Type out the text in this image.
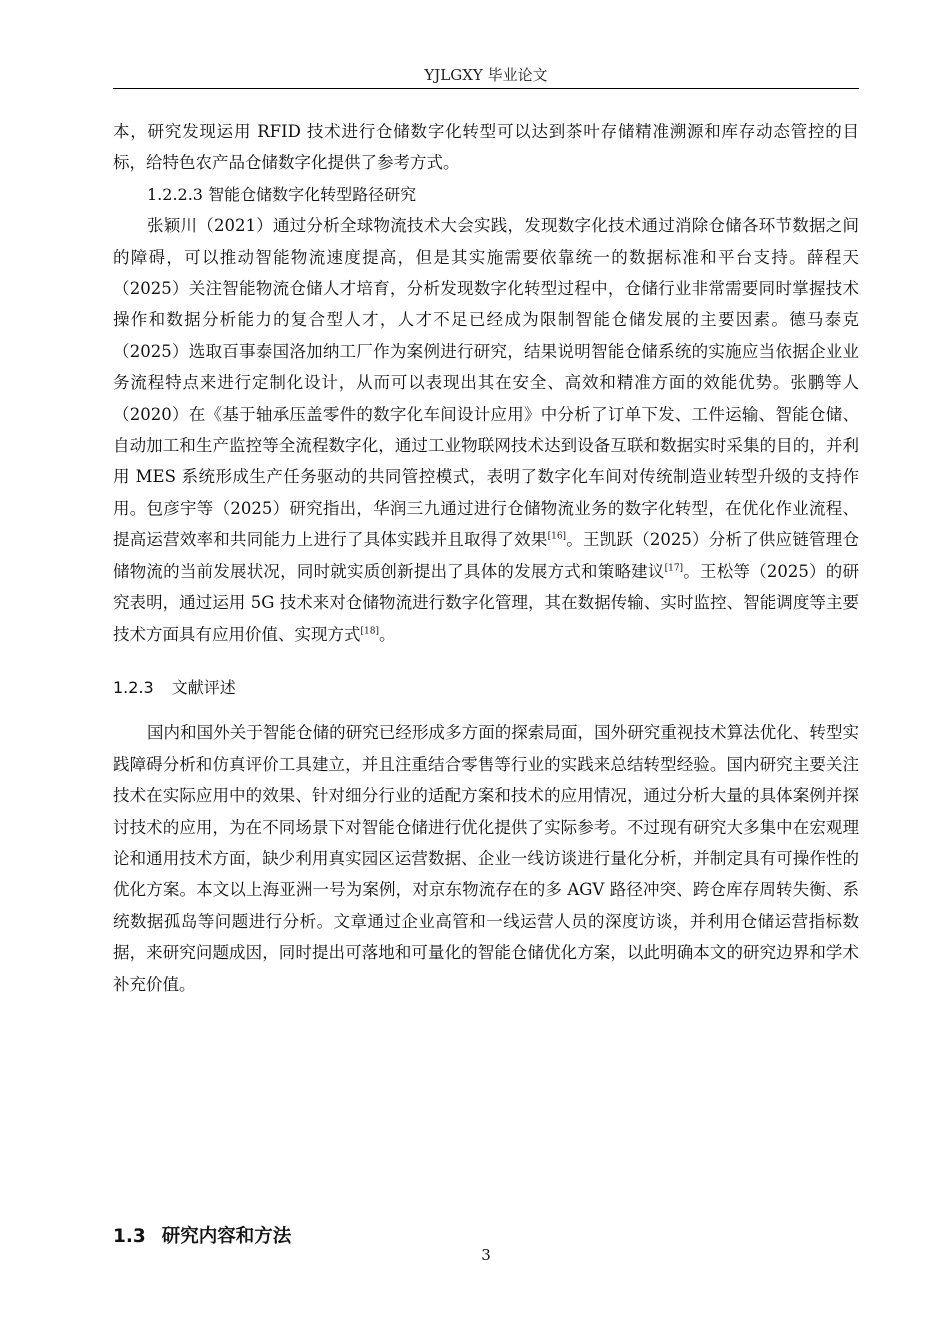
YJLGXY 毕业论文

本，研究发现运用 RFID 技术进行仓储数字化转型可以达到茶叶存储精准溯源和库存动态管控的目标，给特色农产品仓储数字化提供了参考方式。

1.2.2.3 智能仓储数字化转型路径研究

张颖川（2021）通过分析全球物流技术大会实践，发现数字化技术通过消除仓储各环节数据之间的障碍，可以推动智能物流速度提高，但是其实施需要依靠统一的数据标准和平台支持。薛程天（2025）关注智能物流仓储人才培育，分析发现数字化转型过程中，仓储行业非常需要同时掌握技术操作和数据分析能力的复合型人才，人才不足已经成为限制智能仓储发展的主要因素。德马泰克（2025）选取百事泰国洛加纳工厂作为案例进行研究，结果说明智能仓储系统的实施应当依据企业业务流程特点来进行定制化设计，从而可以表现出其在安全、高效和精准方面的效能优势。张鹏等人（2020）在《基于轴承压盖零件的数字化车间设计应用》中分析了订单下发、工件运输、智能仓储、自动加工和生产监控等全流程数字化，通过工业物联网技术达到设备互联和数据实时采集的目的，并利用 MES 系统形成生产任务驱动的共同管控模式，表明了数字化车间对传统制造业转型升级的支持作用。包彦宇等（2025）研究指出，华润三九通过进行仓储物流业务的数字化转型，在优化作业流程、提高运营效率和共同能力上进行了具体实践并且取得了效果[16]。王凯跃（2025）分析了供应链管理仓储物流的当前发展状况，同时就实质创新提出了具体的发展方式和策略建议[17]。王松等（2025）的研究表明，通过运用 5G 技术来对仓储物流进行数字化管理，其在数据传输、实时监控、智能调度等主要技术方面具有应用价值、实现方式[18]。

1.2.3 文献评述

国内和国外关于智能仓储的研究已经形成多方面的探索局面，国外研究重视技术算法优化、转型实践障碍分析和仿真评价工具建立，并且注重结合零售等行业的实践来总结转型经验。国内研究主要关注技术在实际应用中的效果、针对细分行业的适配方案和技术的应用情况，通过分析大量的具体案例并探讨技术的应用，为在不同场景下对智能仓储进行优化提供了实际参考。不过现有研究大多集中在宏观理论和通用技术方面，缺少利用真实园区运营数据、企业一线访谈进行量化分析，并制定具有可操作性的优化方案。本文以上海亚洲一号为案例，对京东物流存在的多 AGV 路径冲突、跨仓库存周转失衡、系统数据孤岛等问题进行分析。文章通过企业高管和一线运营人员的深度访谈，并利用仓储运营指标数据，来研究问题成因，同时提出可落地和可量化的智能仓储优化方案，以此明确本文的研究边界和学术补充价值。

1.3 研究内容和方法
3
